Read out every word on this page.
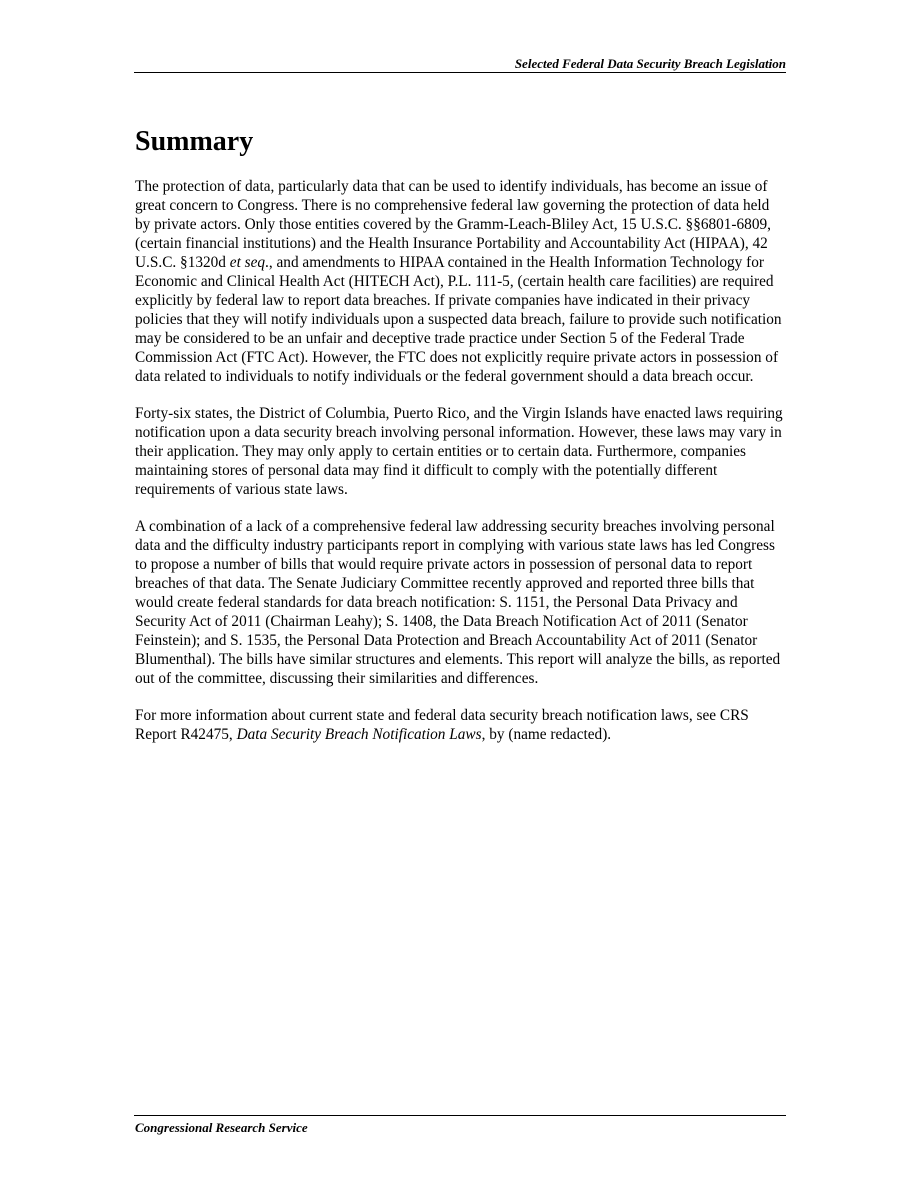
Selected Federal Data Security Breach Legislation
Summary

The protection of data, particularly data that can be used to identify individuals, has become an issue of great concern to Congress. There is no comprehensive federal law governing the protection of data held by private actors. Only those entities covered by the Gramm-Leach-Bliley Act, 15 U.S.C. §§6801-6809, (certain financial institutions) and the Health Insurance Portability and Accountability Act (HIPAA), 42 U.S.C. §1320d et seq., and amendments to HIPAA contained in the Health Information Technology for Economic and Clinical Health Act (HITECH Act), P.L. 111-5, (certain health care facilities) are required explicitly by federal law to report data breaches. If private companies have indicated in their privacy policies that they will notify individuals upon a suspected data breach, failure to provide such notification may be considered to be an unfair and deceptive trade practice under Section 5 of the Federal Trade Commission Act (FTC Act). However, the FTC does not explicitly require private actors in possession of data related to individuals to notify individuals or the federal government should a data breach occur.

Forty-six states, the District of Columbia, Puerto Rico, and the Virgin Islands have enacted laws requiring notification upon a data security breach involving personal information. However, these laws may vary in their application. They may only apply to certain entities or to certain data. Furthermore, companies maintaining stores of personal data may find it difficult to comply with the potentially different requirements of various state laws.

A combination of a lack of a comprehensive federal law addressing security breaches involving personal data and the difficulty industry participants report in complying with various state laws has led Congress to propose a number of bills that would require private actors in possession of personal data to report breaches of that data. The Senate Judiciary Committee recently approved and reported three bills that would create federal standards for data breach notification: S. 1151, the Personal Data Privacy and Security Act of 2011 (Chairman Leahy); S. 1408, the Data Breach Notification Act of 2011 (Senator Feinstein); and S. 1535, the Personal Data Protection and Breach Accountability Act of 2011 (Senator Blumenthal). The bills have similar structures and elements. This report will analyze the bills, as reported out of the committee, discussing their similarities and differences.

For more information about current state and federal data security breach notification laws, see CRS Report R42475, Data Security Breach Notification Laws, by (name redacted).

Congressional Research Service
